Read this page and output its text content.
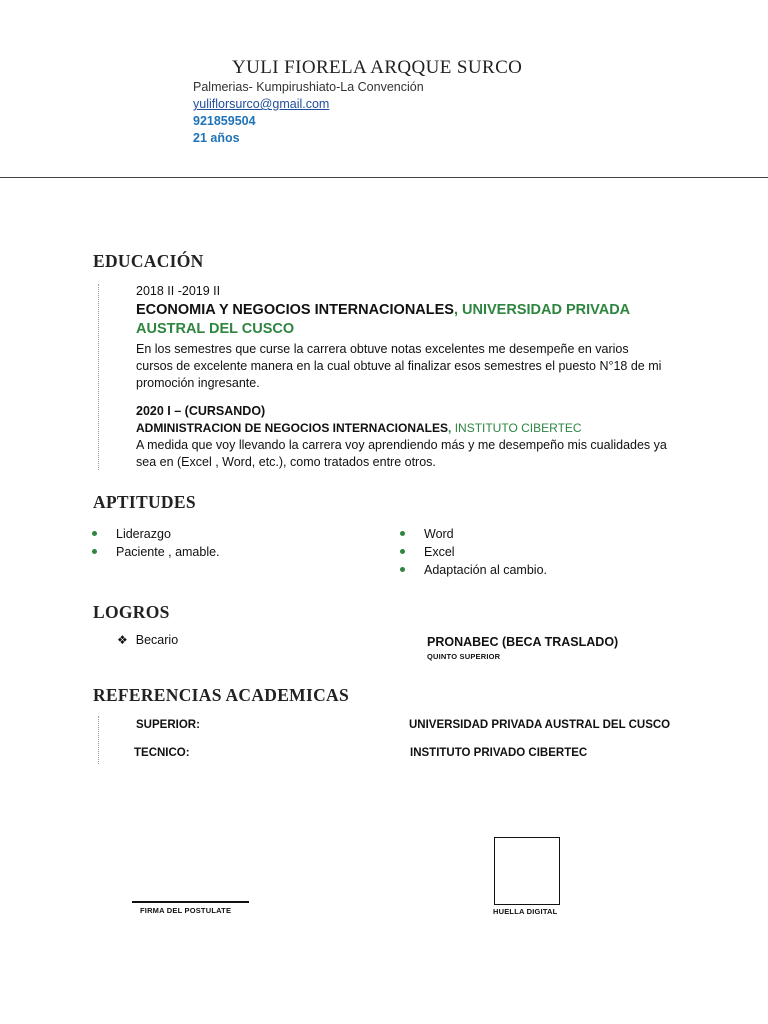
YULI FIORELA ARQQUE SURCO
Palmerias- Kumpirushiato-La Convención
yuliflorsurco@gmail.com
921859504
21 años
EDUCACIÓN
2018 II -2019 II
ECONOMIA Y NEGOCIOS INTERNACIONALES, UNIVERSIDAD PRIVADA
AUSTRAL DEL CUSCO
En los semestres que curse la carrera obtuve notas excelentes me desempeñe en varios cursos de excelente manera en la cual obtuve al finalizar esos semestres el puesto N°18 de mi promoción ingresante.
2020 I – (CURSANDO)
ADMINISTRACION DE NEGOCIOS INTERNACIONALES, INSTITUTO CIBERTEC
A medida que voy llevando la carrera voy aprendiendo más y me desempeño mis cualidades ya sea en (Excel , Word, etc.), como tratados entre otros.
APTITUDES
Liderazgo
Paciente , amable.
Word
Excel
Adaptación al cambio.
LOGROS
❖ Becario	PRONABEC (BECA TRASLADO)
QUINTO SUPERIOR
REFERENCIAS ACADEMICAS
SUPERIOR:	UNIVERSIDAD PRIVADA AUSTRAL DEL CUSCO
TECNICO:	INSTITUTO PRIVADO CIBERTEC
FIRMA DEL POSTULATE	HUELLA DIGITAL
